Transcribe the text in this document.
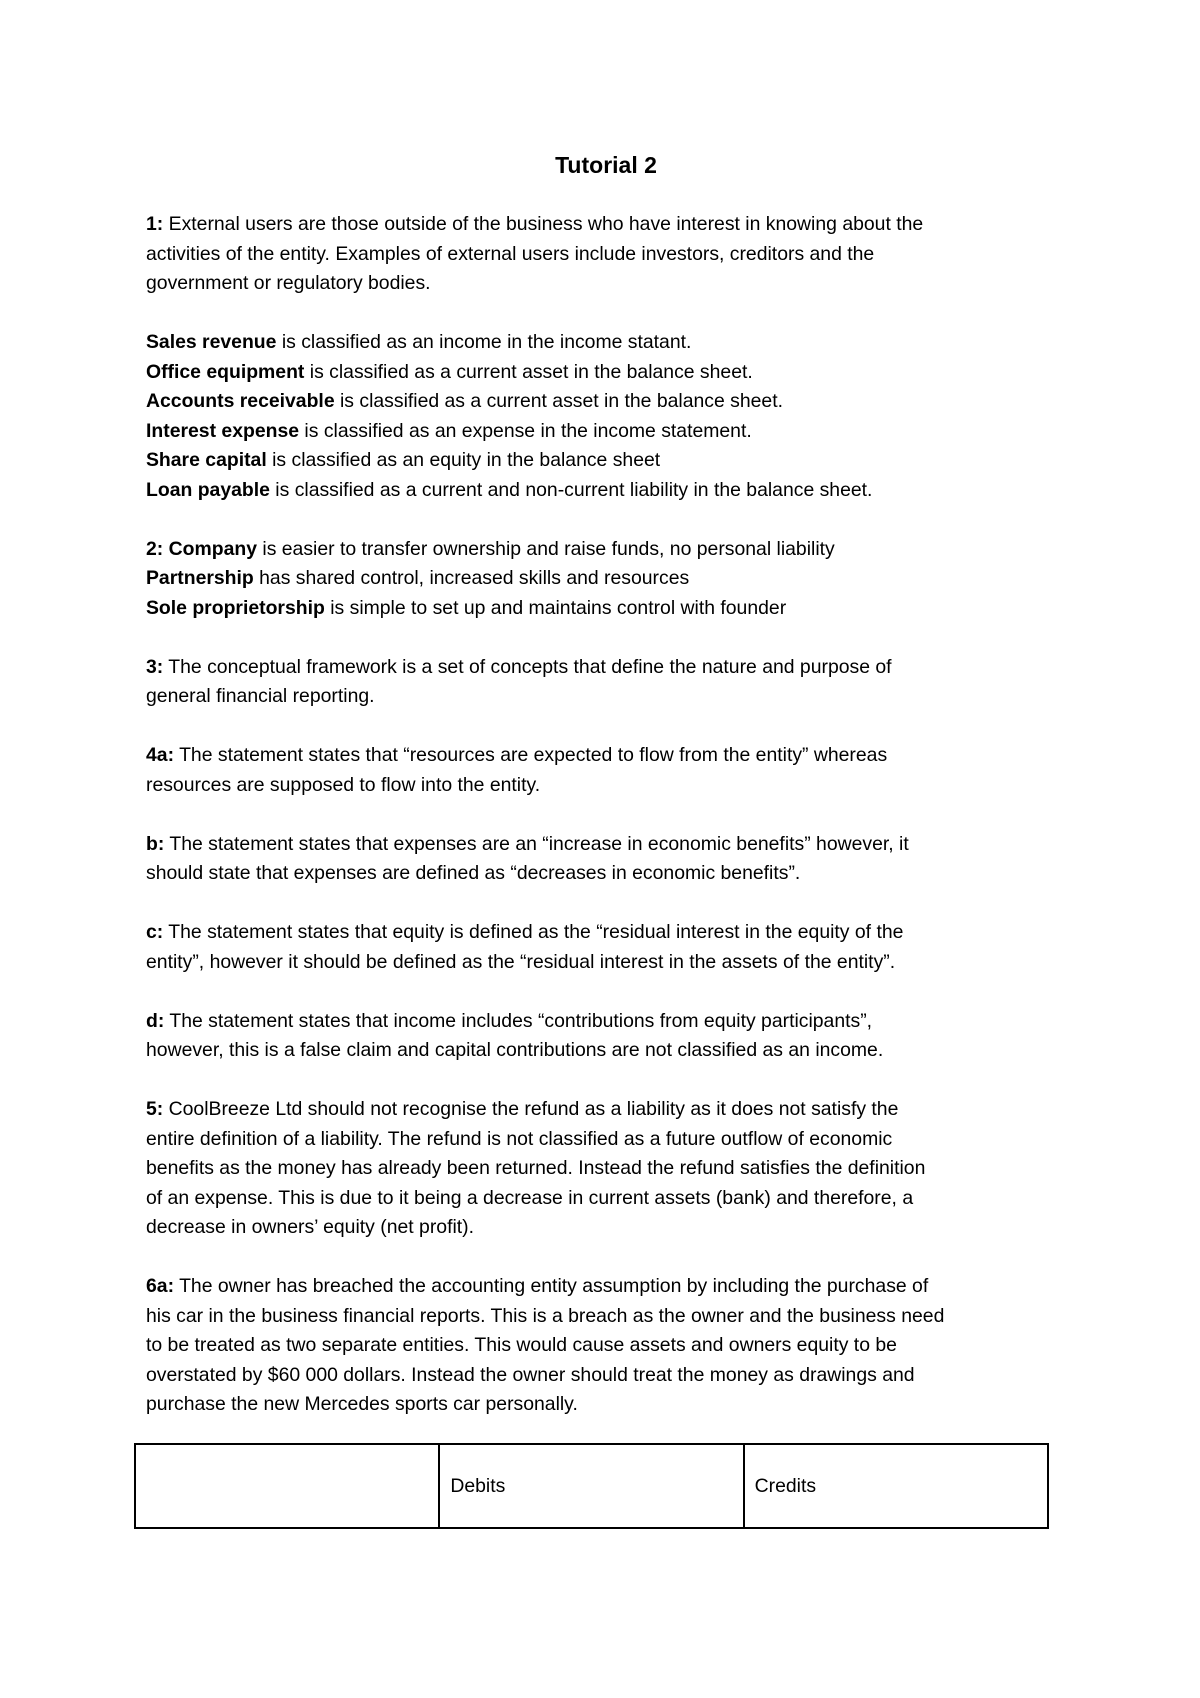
Tutorial 2
1: External users are those outside of the business who have interest in knowing about the
activities of the entity. Examples of external users include investors, creditors and the
government or regulatory bodies.
Sales revenue is classified as an income in the income statant.
Office equipment is classified as a current asset in the balance sheet.
Accounts receivable is classified as a current asset in the balance sheet.
Interest expense is classified as an expense in the income statement.
Share capital is classified as an equity in the balance sheet
Loan payable is classified as a current and non-current liability in the balance sheet.
2: Company is easier to transfer ownership and raise funds, no personal liability
Partnership has shared control, increased skills and resources
Sole proprietorship is simple to set up and maintains control with founder
3: The conceptual framework is a set of concepts that define the nature and purpose of
general financial reporting.
4a: The statement states that “resources are expected to flow from the entity” whereas
resources are supposed to flow into the entity.
b: The statement states that expenses are an “increase in economic benefits” however, it
should state that expenses are defined as “decreases in economic benefits”.
c: The statement states that equity is defined as the “residual interest in the equity of the
entity”, however it should be defined as the “residual interest in the assets of the entity”.
d: The statement states that income includes “contributions from equity participants”,
however, this is a false claim and capital contributions are not classified as an income.
5: CoolBreeze Ltd should not recognise the refund as a liability as it does not satisfy the
entire definition of a liability. The refund is not classified as a future outflow of economic
benefits as the money has already been returned. Instead the refund satisfies the definition
of an expense. This is due to it being a decrease in current assets (bank) and therefore, a
decrease in owners’ equity (net profit).
6a: The owner has breached the accounting entity assumption by including the purchase of
his car in the business financial reports. This is a breach as the owner and the business need
to be treated as two separate entities. This would cause assets and owners equity to be
overstated by $60 000 dollars. Instead the owner should treat the money as drawings and
purchase the new Mercedes sports car personally.
	Debits	Credits
